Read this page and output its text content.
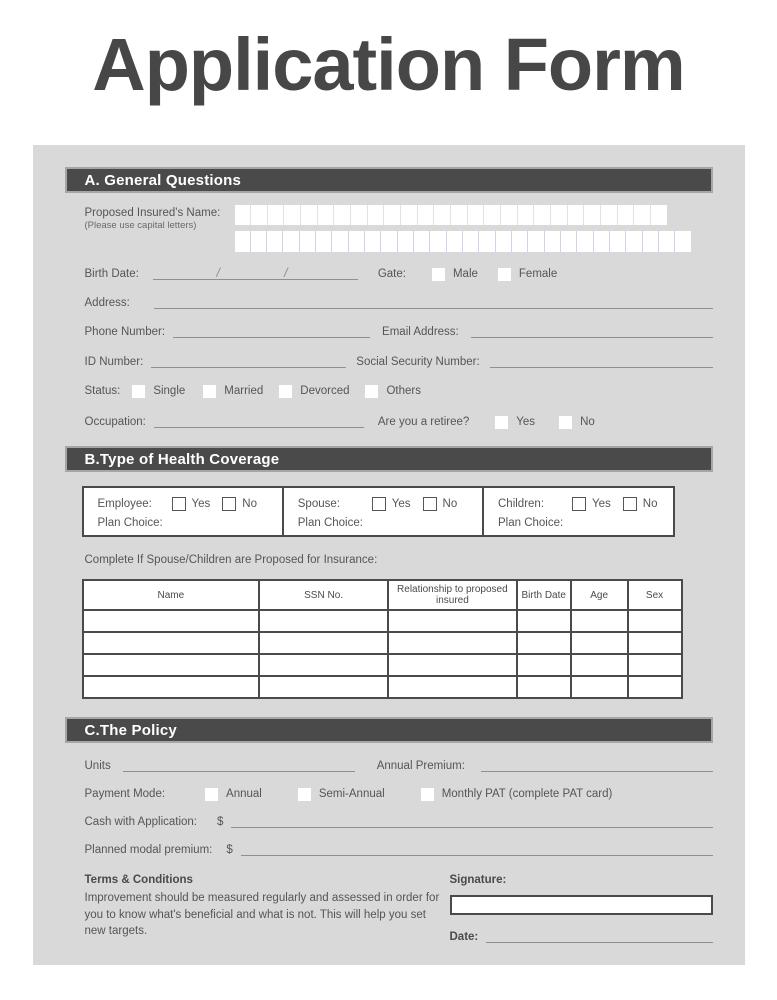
Application Form
A. General Questions
Proposed Insured's Name:
(Please use capital letters)
Birth Date:	/	/	Gate:	Male	Female
Address:
Phone Number:	Email Address:
ID Number:	Social Security Number:
Status:	Single	Married	Devorced	Others
Occupation:	Are you a retiree?	Yes	No
B.Type of Health Coverage
Employee:	Yes	No
Plan Choice:
Spouse:	Yes	No
Plan Choice:
Children:	Yes	No
Plan Choice:
Complete If Spouse/Children are Proposed for Insurance:
Name	SSN No.	Relationship to proposed insured	Birth Date	Age	Sex

C.The Policy
Units	Annual Premium:
Payment Mode:	Annual	Semi-Annual	Monthly PAT (complete PAT card)
Cash with Application: $
Planned modal premium: $

Terms & Conditions

Improvement should be measured regularly and assessed in order for you to know what's beneficial and what is not. This will help you set new targets.

Signature:
Date:
